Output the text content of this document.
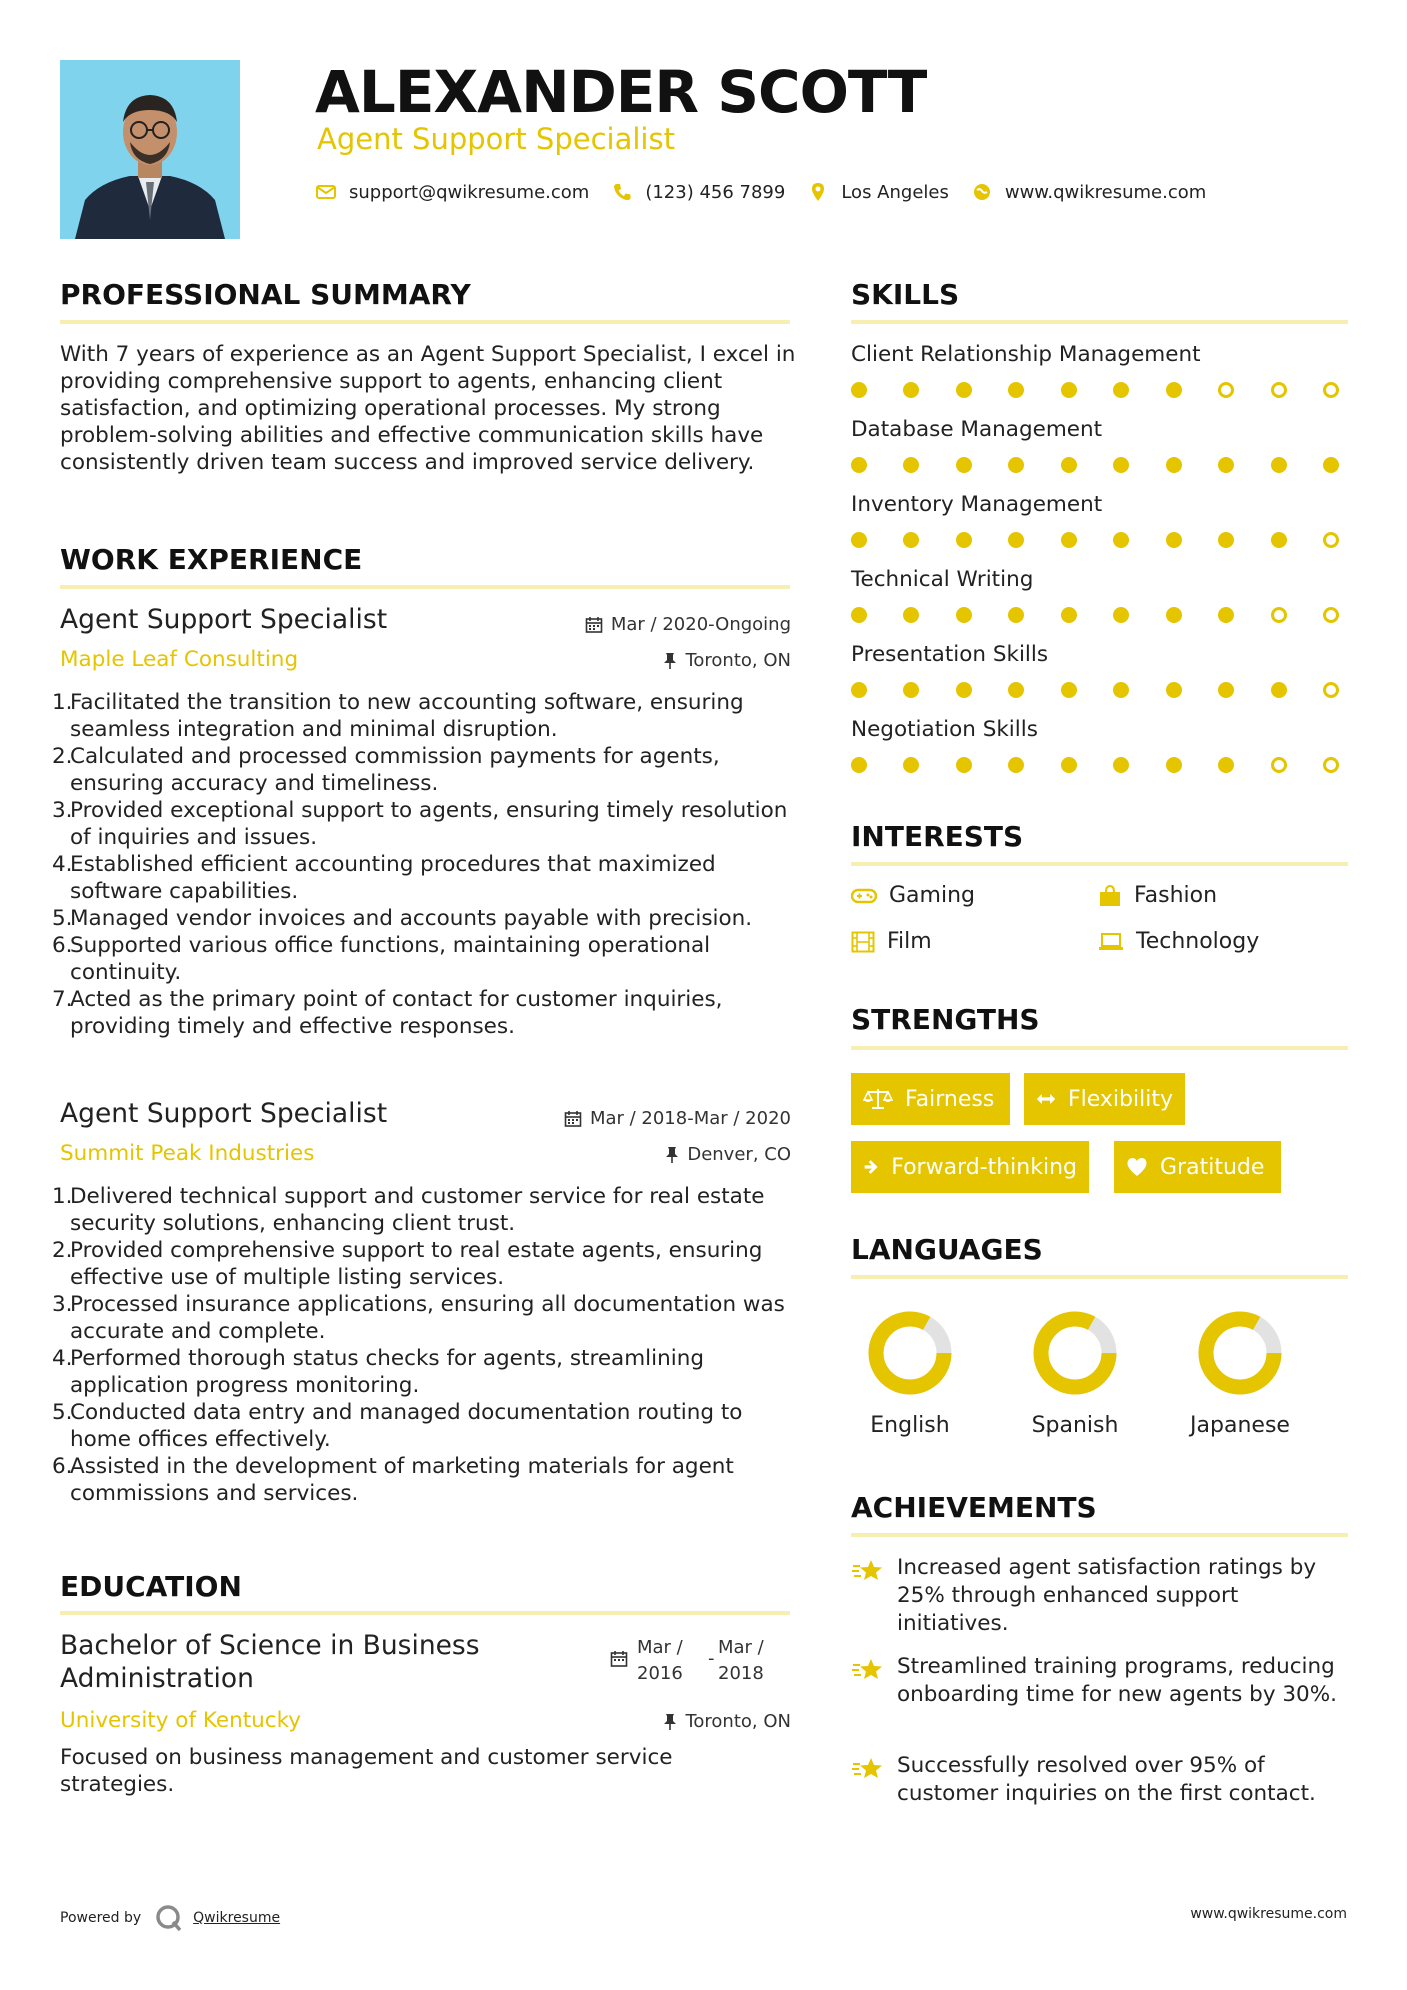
ALEXANDER SCOTT
Agent Support Specialist
support@qwikresume.com	(123) 456 7899	Los Angeles	www.qwikresume.com
PROFESSIONAL SUMMARY
With 7 years of experience as an Agent Support Specialist, I excel in providing comprehensive support to agents, enhancing client satisfaction, and optimizing operational processes. My strong problem-solving abilities and effective communication skills have consistently driven team success and improved service delivery.
WORK EXPERIENCE
Agent Support Specialist	Mar / 2020-Ongoing
Maple Leaf Consulting	Toronto, ON
1.
Facilitated the transition to new accounting software, ensuring seamless integration and minimal disruption.
2.
Calculated and processed commission payments for agents, ensuring accuracy and timeliness.
3.
Provided exceptional support to agents, ensuring timely resolution of inquiries and issues.
4.
Established efficient accounting procedures that maximized software capabilities.
5.
Managed vendor invoices and accounts payable with precision.
6.
Supported various office functions, maintaining operational continuity.
7.
Acted as the primary point of contact for customer inquiries, providing timely and effective responses.
Agent Support Specialist	Mar / 2018-Mar / 2020
Summit Peak Industries	Denver, CO
1.
Delivered technical support and customer service for real estate security solutions, enhancing client trust.
2.
Provided comprehensive support to real estate agents, ensuring effective use of multiple listing services.
3.
Processed insurance applications, ensuring all documentation was accurate and complete.
4.
Performed thorough status checks for agents, streamlining application progress monitoring.
5.
Conducted data entry and managed documentation routing to home offices effectively.
6.
Assisted in the development of marketing materials for agent commissions and services.
EDUCATION
Bachelor of Science in Business
Administration
Mar /
2016
-
Mar /
2018
University of Kentucky	Toronto, ON
Focused on business management and customer service strategies.
SKILLS
Client Relationship Management
Database Management
Inventory Management
Technical Writing
Presentation Skills
Negotiation Skills
INTERESTS
Gaming	Fashion
Film	Technology
STRENGTHS
Fairness	Flexibility
Forward-thinking	Gratitude
LANGUAGES
English	Spanish	Japanese
ACHIEVEMENTS
Increased agent satisfaction ratings by 25% through enhanced support initiatives.
Streamlined training programs, reducing onboarding time for new agents by 30%.
Successfully resolved over 95% of customer inquiries on the first contact.
Powered by	Qwikresume	www.qwikresume.com
